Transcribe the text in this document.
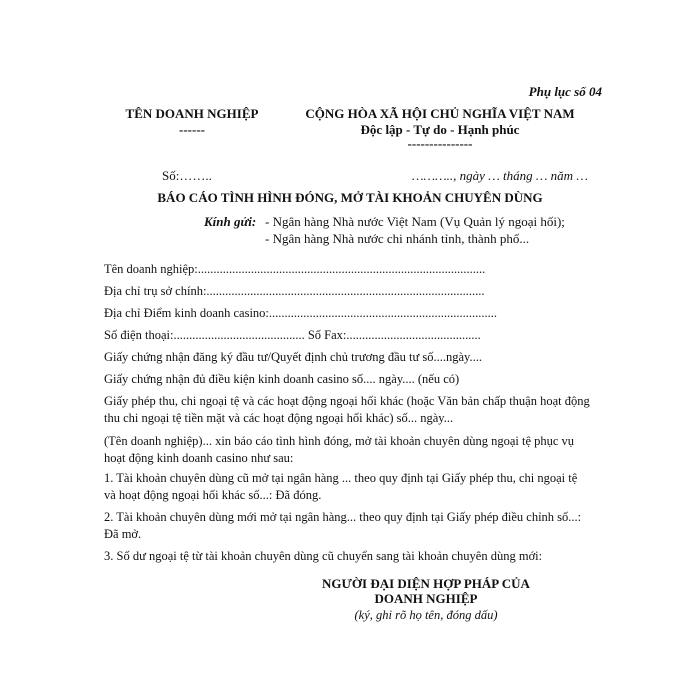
Phụ lục số 04
TÊN DOANH NGHIỆP
------
CỘNG HÒA XÃ HỘI CHỦ NGHĨA VIỆT NAM
Độc lập - Tự do - Hạnh phúc
---------------
Số:……..	……….., ngày … tháng … năm …
BÁO CÁO TÌNH HÌNH ĐÓNG, MỞ TÀI KHOẢN CHUYÊN DÙNG
Kính gửi: - Ngân hàng Nhà nước Việt Nam (Vụ Quản lý ngoại hối);
- Ngân hàng Nhà nước chi nhánh tỉnh, thành phố...
Tên doanh nghiệp:............................................................................................
Địa chỉ trụ sở chính:.........................................................................................
Địa chỉ Điểm kinh doanh casino:.........................................................................
Số điện thoại:.......................................... Số Fax:...........................................
Giấy chứng nhận đăng ký đầu tư/Quyết định chủ trương đầu tư số....ngày....
Giấy chứng nhận đủ điều kiện kinh doanh casino số.... ngày.... (nếu có)
Giấy phép thu, chi ngoại tệ và các hoạt động ngoại hối khác (hoặc Văn bản chấp thuận hoạt động thu chi ngoại tệ tiền mặt và các hoạt động ngoại hối khác) số... ngày...
(Tên doanh nghiệp)... xin báo cáo tình hình đóng, mở tài khoản chuyên dùng ngoại tệ phục vụ hoạt động kinh doanh casino như sau:
1. Tài khoản chuyên dùng cũ mở tại ngân hàng ... theo quy định tại Giấy phép thu, chi ngoại tệ và hoạt động ngoại hối khác số...: Đã đóng.
2. Tài khoản chuyên dùng mới mở tại ngân hàng... theo quy định tại Giấy phép điều chỉnh số...: Đã mở.
3. Số dư ngoại tệ từ tài khoản chuyên dùng cũ chuyển sang tài khoản chuyên dùng mới:
NGƯỜI ĐẠI DIỆN HỢP PHÁP CỦA DOANH NGHIỆP
(ký, ghi rõ họ tên, đóng dấu)
